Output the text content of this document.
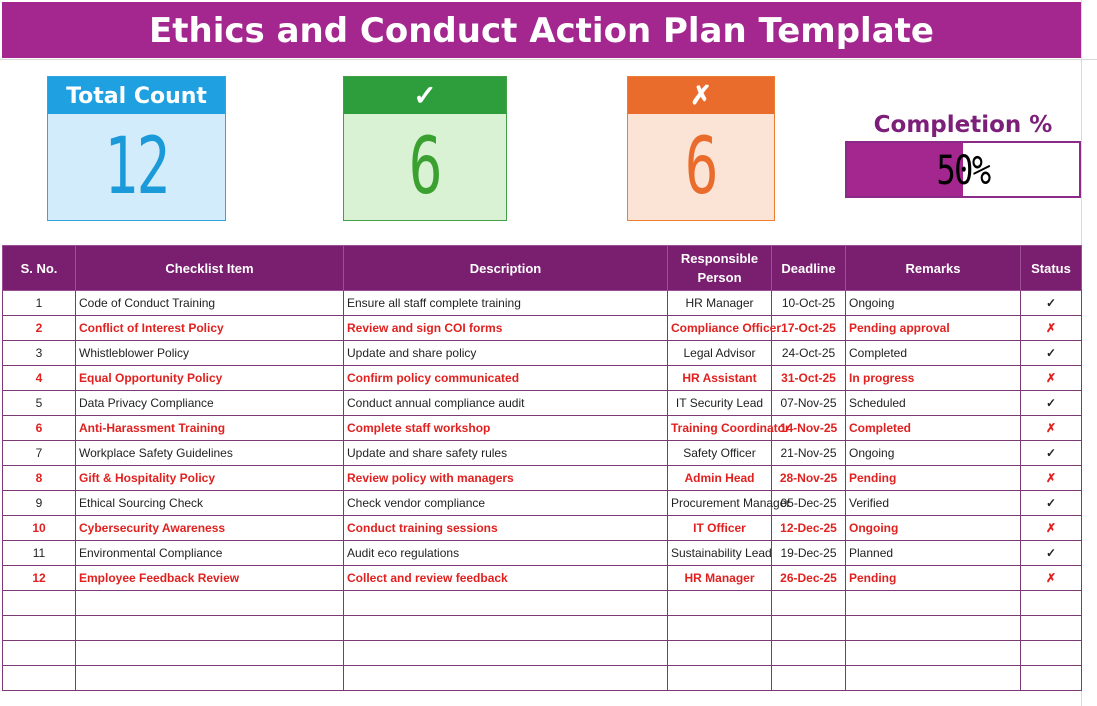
Ethics and Conduct Action Plan Template
Total Count
12
✓
6
✗
6	Completion %
50%
S. No.	Checklist Item	Description	Responsible Person	Deadline	Remarks	Status
1	Code of Conduct Training	Ensure all staff complete training	HR Manager	10-Oct-25	Ongoing	✓
2	Conflict of Interest Policy	Review and sign COI forms	Compliance Officer	17-Oct-25	Pending approval	✗
3	Whistleblower Policy	Update and share policy	Legal Advisor	24-Oct-25	Completed	✓
4	Equal Opportunity Policy	Confirm policy communicated	HR Assistant	31-Oct-25	In progress	✗
5	Data Privacy Compliance	Conduct annual compliance audit	IT Security Lead	07-Nov-25	Scheduled	✓
6	Anti-Harassment Training	Complete staff workshop	Training Coordinator	14-Nov-25	Completed	✗
7	Workplace Safety Guidelines	Update and share safety rules	Safety Officer	21-Nov-25	Ongoing	✓
8	Gift & Hospitality Policy	Review policy with managers	Admin Head	28-Nov-25	Pending	✗
9	Ethical Sourcing Check	Check vendor compliance	Procurement Manager	05-Dec-25	Verified	✓
10	Cybersecurity Awareness	Conduct training sessions	IT Officer	12-Dec-25	Ongoing	✗
11	Environmental Compliance	Audit eco regulations	Sustainability Lead	19-Dec-25	Planned	✓
12	Employee Feedback Review	Collect and review feedback	HR Manager	26-Dec-25	Pending	✗
